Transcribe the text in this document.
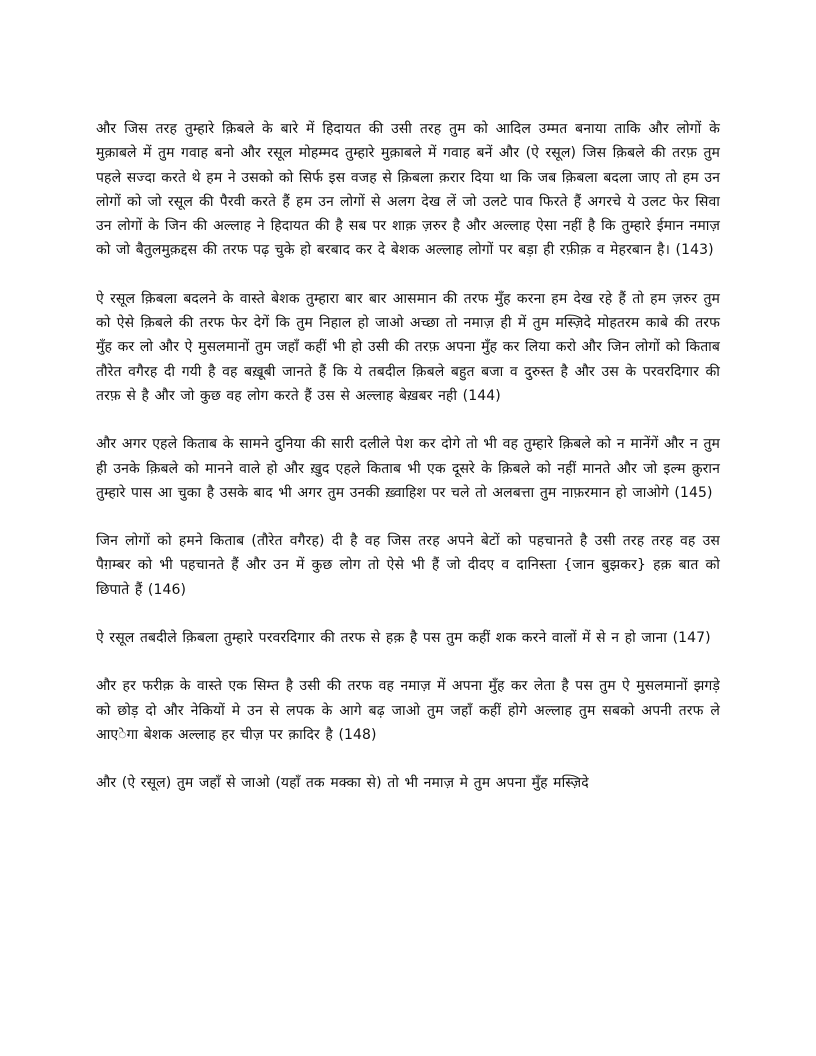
और जिस तरह तुम्हारे क़िबले के बारे में हिदायत की उसी तरह तुम को आदिल उम्मत बनाया ताकि और लोगों के मुक़ाबले में तुम गवाह बनो और रसूल मोहम्मद तुम्हारे मुक़ाबले में गवाह बनें और (ऐ रसूल) जिस क़िबले की तरफ़ तुम पहले सज्दा करते थे हम ने उसको को सिर्फ इस वजह से क़िबला क़रार दिया था कि जब क़िबला बदला जाए तो हम उन लोगों को जो रसूल की पैरवी करते हैं हम उन लोगों से अलग देख लें जो उलटे पाव फिरते हैं अगरचे ये उलट फेर सिवा उन लोगों के जिन की अल्लाह ने हिदायत की है सब पर शाक़ ज़रुर है और अल्लाह ऐसा नहीं है कि तुम्हारे ईमान नमाज़ को जो बैतुलमुक़द्दस की तरफ पढ़ चुके हो बरबाद कर दे बेशक अल्लाह लोगों पर बड़ा ही रफ़ीक़ व मेहरबान है। (143)

ऐ रसूल क़िबला बदलने के वास्ते बेशक तुम्हारा बार बार आसमान की तरफ मुँह करना हम देख रहे हैं तो हम ज़रुर तुम को ऐसे क़िबले की तरफ फेर देगें कि तुम निहाल हो जाओ अच्छा तो नमाज़ ही में तुम मस्ज़िदे मोहतरम काबे की तरफ मुँह कर लो और ऐ मुसलमानों तुम जहाँ कहीं भी हो उसी की तरफ़ अपना मुँह कर लिया करो और जिन लोगों को किताब तौरेत वगैरह दी गयी है वह बख़ूबी जानते हैं कि ये तबदील क़िबले बहुत बजा व दुरुस्त है और उस के परवरदिगार की तरफ़ से है और जो कुछ वह लोग करते हैं उस से अल्लाह बेख़बर नही (144)

और अगर एहले किताब के सामने दुनिया की सारी दलीले पेश कर दोगे तो भी वह तुम्हारे क़िबले को न मानेंगें और न तुम ही उनके क़िबले को मानने वाले हो और ख़ुद एहले किताब भी एक दूसरे के क़िबले को नहीं मानते और जो इल्म क़ुरान तुम्हारे पास आ चुका है उसके बाद भी अगर तुम उनकी ख़्वाहिश पर चले तो अलबत्ता तुम नाफ़रमान हो जाओगे (145)

जिन लोगों को हमने किताब (तौरेत वगैरह) दी है वह जिस तरह अपने बेटों को पहचानते है उसी तरह तरह वह उस पैग़म्बर को भी पहचानते हैं और उन में कुछ लोग तो ऐसे भी हैं जो दीदए व दानिस्ता {जान बुझकर} हक़ बात को छिपाते हैं (146)

ऐ रसूल तबदीले क़िबला तुम्हारे परवरदिगार की तरफ से हक़ है पस तुम कहीं शक करने वालों में से न हो जाना (147)

और हर फरीक़ के वास्ते एक सिम्त है उसी की तरफ वह नमाज़ में अपना मुँह कर लेता है पस तुम ऐ मुसलमानों झगड़े को छोड़ दो और नेकियों मे उन से लपक के आगे बढ़ जाओ तुम जहाँ कहीं होगे अल्लाह तुम सबको अपनी तरफ ले आएेगा बेशक अल्लाह हर चीज़ पर क़ादिर है (148)

और (ऐ रसूल) तुम जहाँ से जाओ (यहाँ तक मक्का से) तो भी नमाज़ मे तुम अपना मुँह मस्ज़िदे
